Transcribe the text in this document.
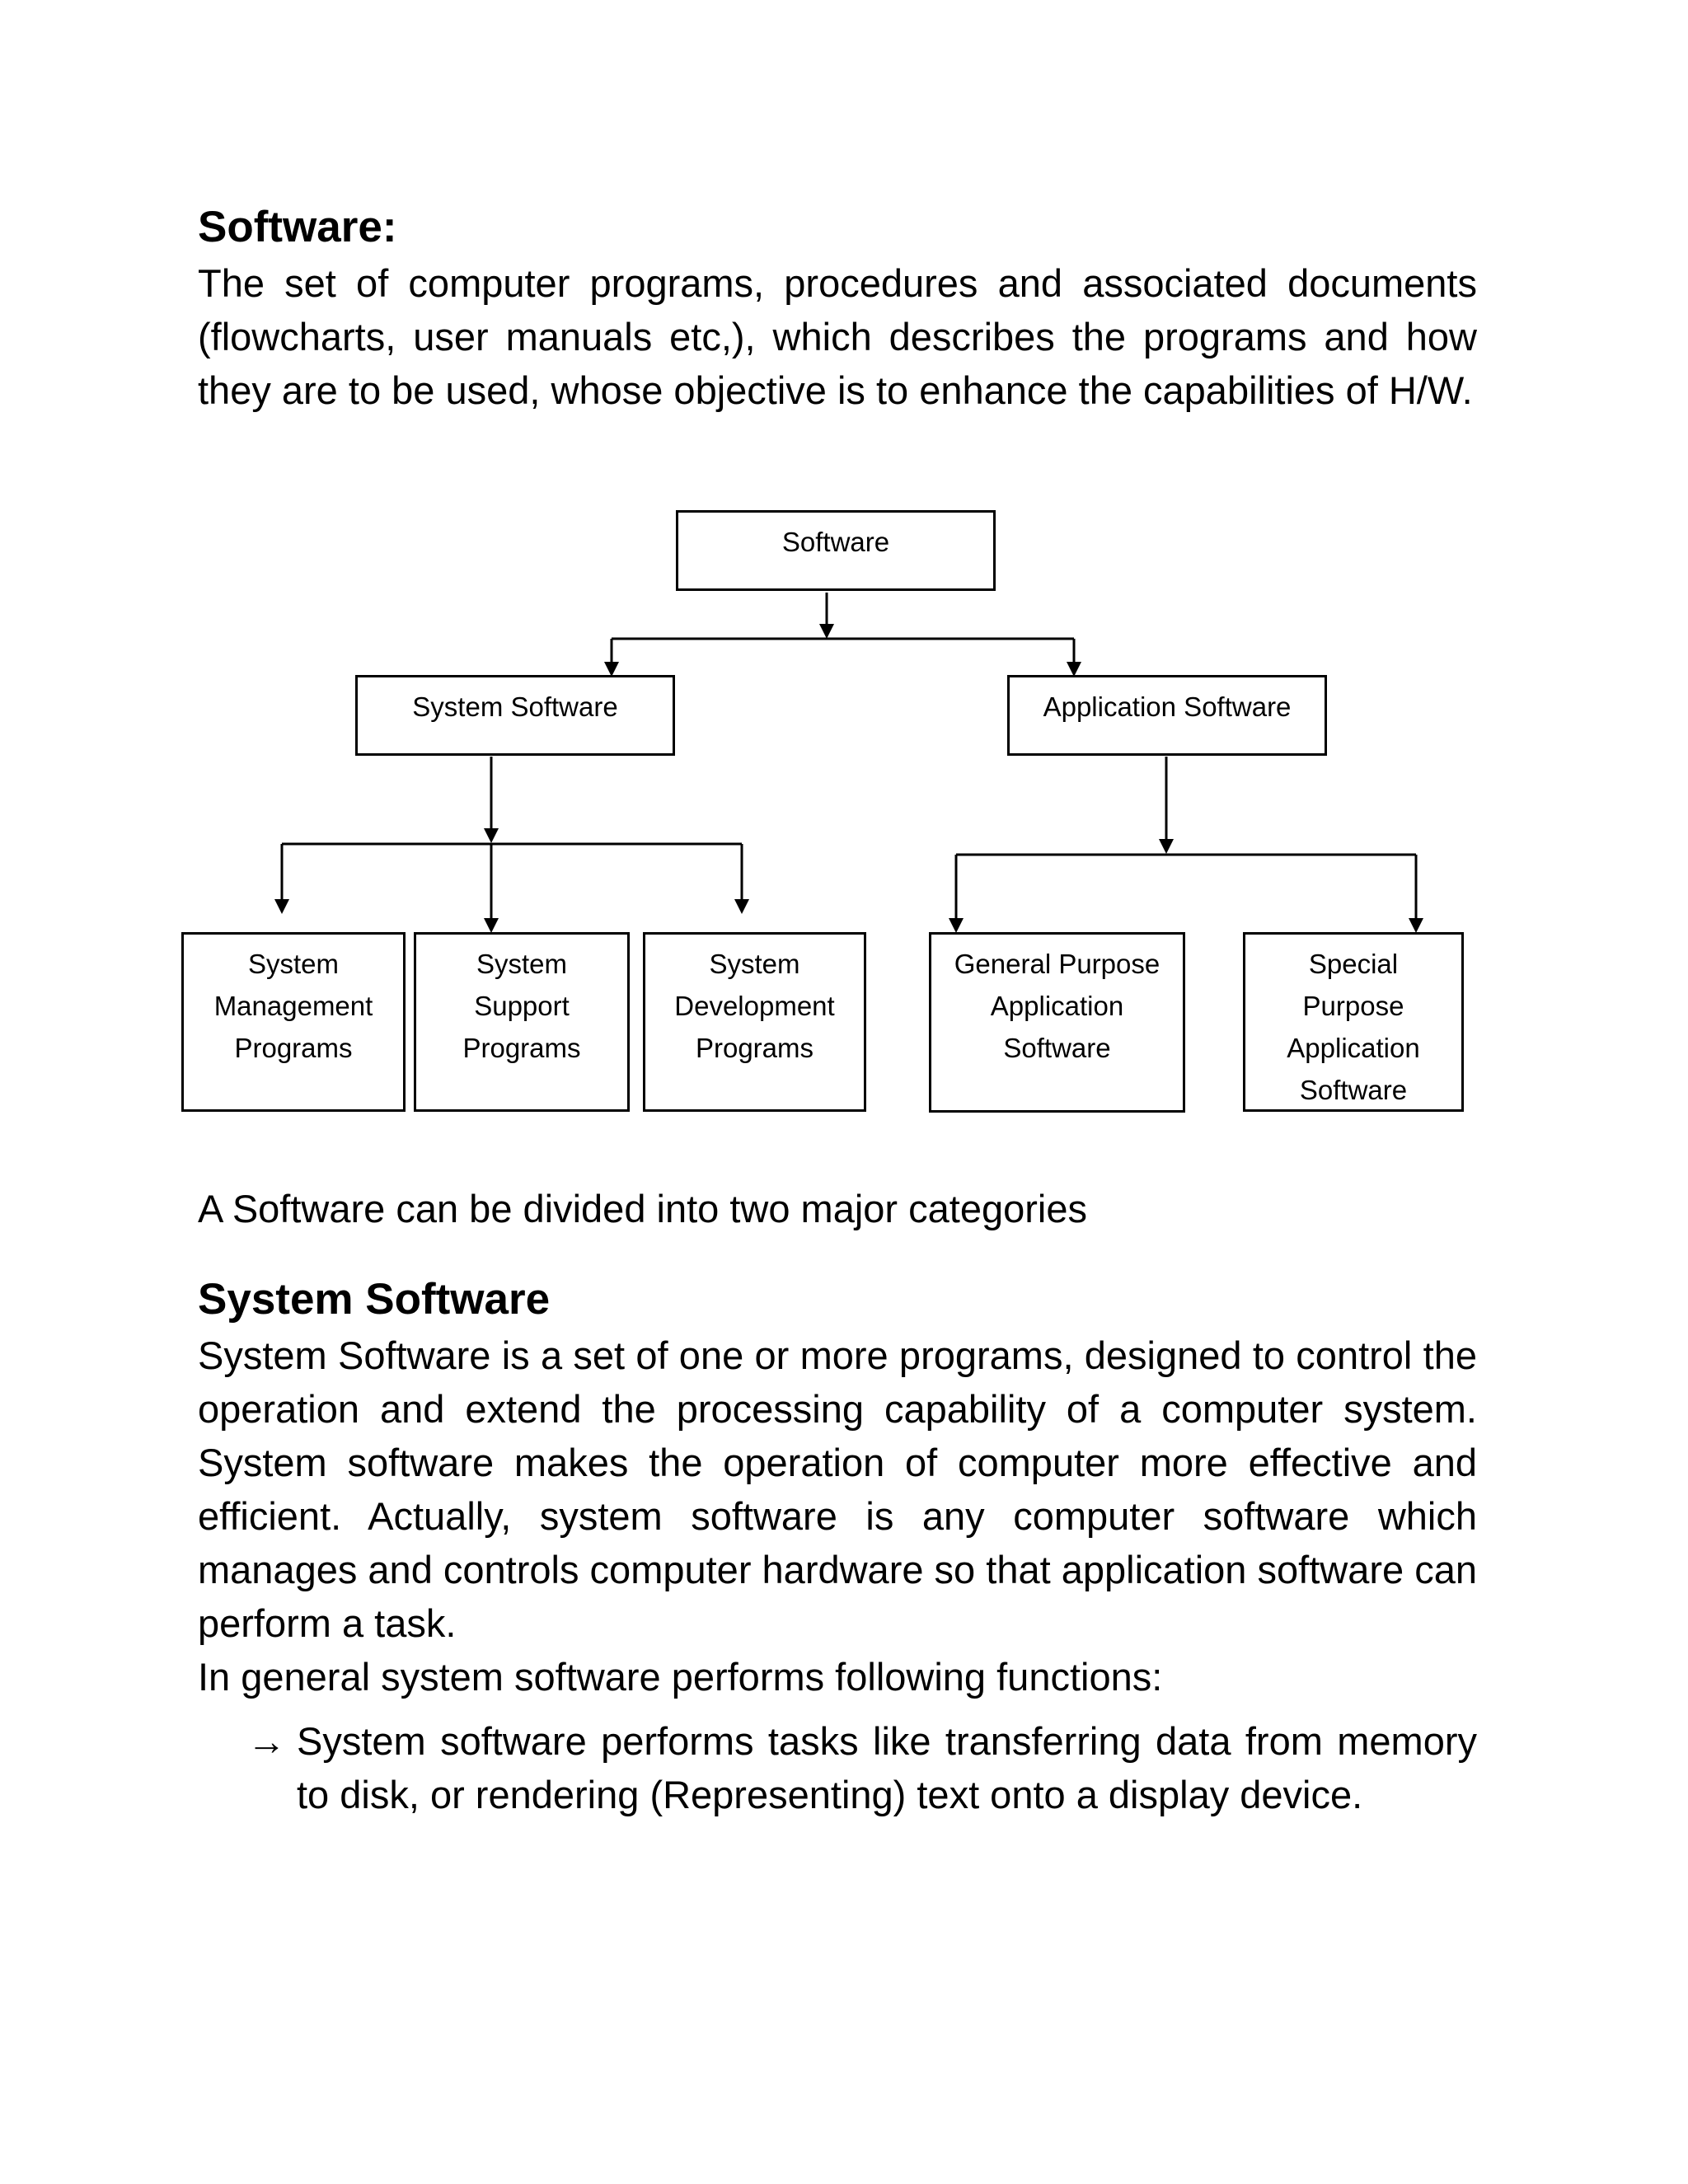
Software:

The set of computer programs, procedures and associated documents (flowcharts, user manuals etc,), which describes the programs and how they are to be used, whose objective is to enhance the capabilities of H/W.

Software
System Software	Application Software
System
Management
Programs
System
Support
Programs
System
Development
Programs
General Purpose
Application
Software
Special
Purpose
Application
Software

A Software can be divided into two major categories

System Software

System Software is a set of one or more programs, designed to control the operation and extend the processing capability of a computer system. System software makes the operation of computer more effective and efficient. Actually, system software is any computer software which manages and controls computer hardware so that application software can perform a task.

In general system software performs following functions:

→ System software performs tasks like transferring data from memory to disk, or rendering (Representing) text onto a display device.
